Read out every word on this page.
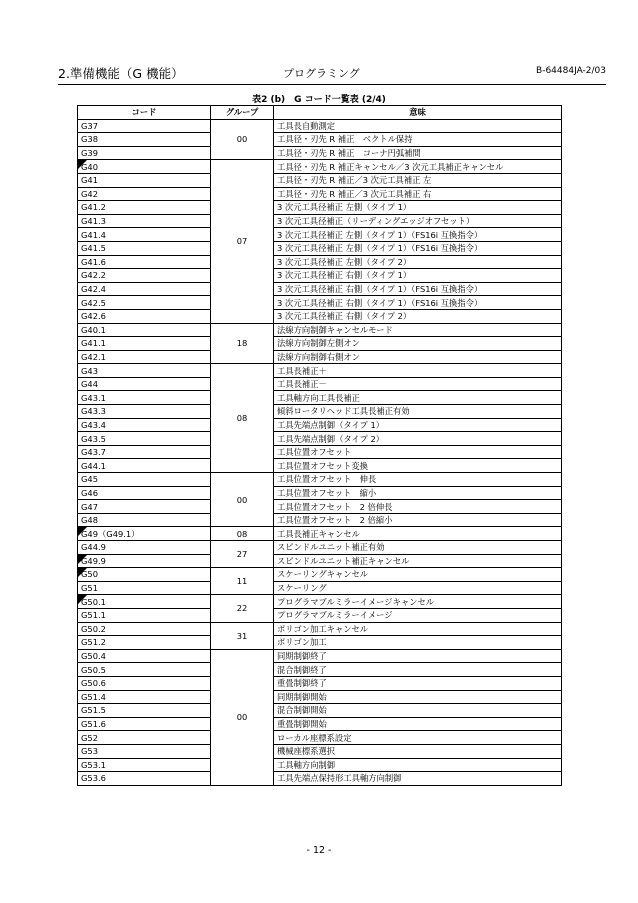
2.準備機能（G 機能）	プログラミング	B-64484JA-2/03
表2 (b)　G コード一覧表 (2/4)
コード	グループ	意味
G37	00	工具長自動測定
G38		工具径・刃先 R 補正　ベクトル保持
G39		工具径・刃先 R 補正　コーナ円弧補間

G40	07	工具径・刃先 R 補正キャンセル／3 次元工具補正キャンセル
G41		工具径・刃先 R 補正／3 次元工具補正 左
G42		工具径・刃先 R 補正／3 次元工具補正 右
G41.2		3 次元工具径補正 左側（タイプ 1）
G41.3		3 次元工具径補正（リーディングエッジオフセット）
G41.4		3 次元工具径補正 左側（タイプ 1）（FS16i 互換指令）
G41.5		3 次元工具径補正 左側（タイプ 1）（FS16i 互換指令）
G41.6		3 次元工具径補正 左側（タイプ 2）
G42.2		3 次元工具径補正 右側（タイプ 1）
G42.4		3 次元工具径補正 右側（タイプ 1）（FS16i 互換指令）
G42.5		3 次元工具径補正 右側（タイプ 1）（FS16i 互換指令）
G42.6		3 次元工具径補正 右側（タイプ 2）
G40.1	18	法線方向制御キャンセルモード
G41.1		法線方向制御左側オン
G42.1		法線方向制御右側オン
G43	08	工具長補正＋
G44		工具長補正－
G43.1		工具軸方向工具長補正
G43.3		傾斜ロータリヘッド工具長補正有効
G43.4		工具先端点制御（タイプ 1）
G43.5		工具先端点制御（タイプ 2）
G43.7		工具位置オフセット
G44.1		工具位置オフセット変換
G45	00	工具位置オフセット　伸長
G46		工具位置オフセット　縮小
G47		工具位置オフセット　2 倍伸長
G48		工具位置オフセット　2 倍縮小

G49（G49.1）	08	工具長補正キャンセル
G44.9	27	スピンドルユニット補正有効

G49.9		スピンドルユニット補正キャンセル

G50	11	スケーリングキャンセル
G51		スケーリング

G50.1	22	プログラマブルミラーイメージキャンセル
G51.1		プログラマブルミラーイメージ
G50.2	31	ポリゴン加工キャンセル
G51.2		ポリゴン加工
G50.4	00	同期制御終了
G50.5		混合制御終了
G50.6		重畳制御終了
G51.4		同期制御開始
G51.5		混合制御開始
G51.6		重畳制御開始
G52		ローカル座標系設定
G53		機械座標系選択
G53.1		工具軸方向制御
G53.6		工具先端点保持形工具軸方向制御
- 12 -
